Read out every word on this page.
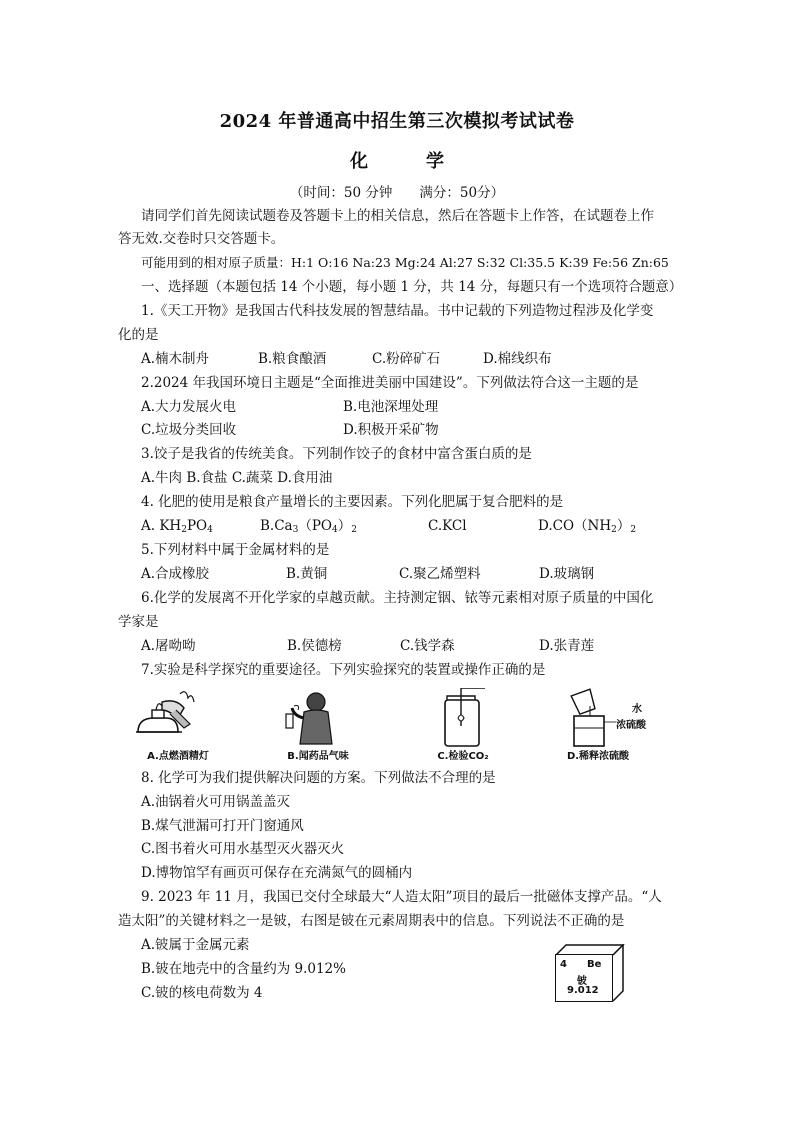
2024 年普通高中招生第三次模拟考试试卷
化	学
（时间：50 分钟　　满分：50分）
请同学们首先阅读试题卷及答题卡上的相关信息，然后在答题卡上作答，在试题卷上作
答无效.交卷时只交答题卡。
可能用到的相对原子质量：H:1 O:16 Na:23 Mg:24 Al:27 S:32 Cl:35.5 K:39 Fe:56 Zn:65
一、选择题（本题包括 14 个小题，每小题 1 分，共 14 分，每题只有一个选项符合题意）
1.《天工开物》是我国古代科技发展的智慧结晶。书中记载的下列造物过程涉及化学变
化的是
A.楠木制舟	B.粮食酿酒	C.粉碎矿石	D.棉线织布
2.2024 年我国环境日主题是“全面推进美丽中国建设”。下列做法符合这一主题的是
A.大力发展火电	B.电池深埋处理
C.垃圾分类回收	D.积极开采矿物
3.饺子是我省的传统美食。下列制作饺子的食材中富含蛋白质的是
A.牛肉 B.食盐 C.蔬菜 D.食用油
4. 化肥的使用是粮食产量增长的主要因素。下列化肥属于复合肥料的是
A. $KH_2PO_4$	$B.Ca_3(PO_4)_2$	C.KCl	$D.CO(NH_2)_2$
5.下列材料中属于金属材料的是
A.合成橡胶	B.黄铜	C.聚乙烯塑料	D.玻璃钢
6.化学的发展离不开化学家的卓越贡献。主持测定铟、铱等元素相对原子质量的中国化
学家是
A.屠呦呦	B.侯德榜	C.钱学森	D.张青莲
7.实验是科学探究的重要途径。下列实验探究的装置或操作正确的是
A.点燃酒精灯	B.闻药品气味	C.检验CO₂
水
浓硫酸
D.稀释浓硫酸
8. 化学可为我们提供解决问题的方案。下列做法不合理的是
A.油锅着火可用锅盖盖灭
B.煤气泄漏可打开门窗通风
C.图书着火可用水基型灭火器灭火
D.博物馆罕有画页可保存在充满氮气的圆桶内
9. 2023 年 11 月，我国已交付全球最大“人造太阳”项目的最后一批磁体支撑产品。“人
造太阳”的关键材料之一是铍，右图是铍在元素周期表中的信息。下列说法不正确的是
A.铍属于金属元素
B.铍在地壳中的含量约为 9.012%
C.铍的核电荷数为 4
4 Be
铍
9.012
